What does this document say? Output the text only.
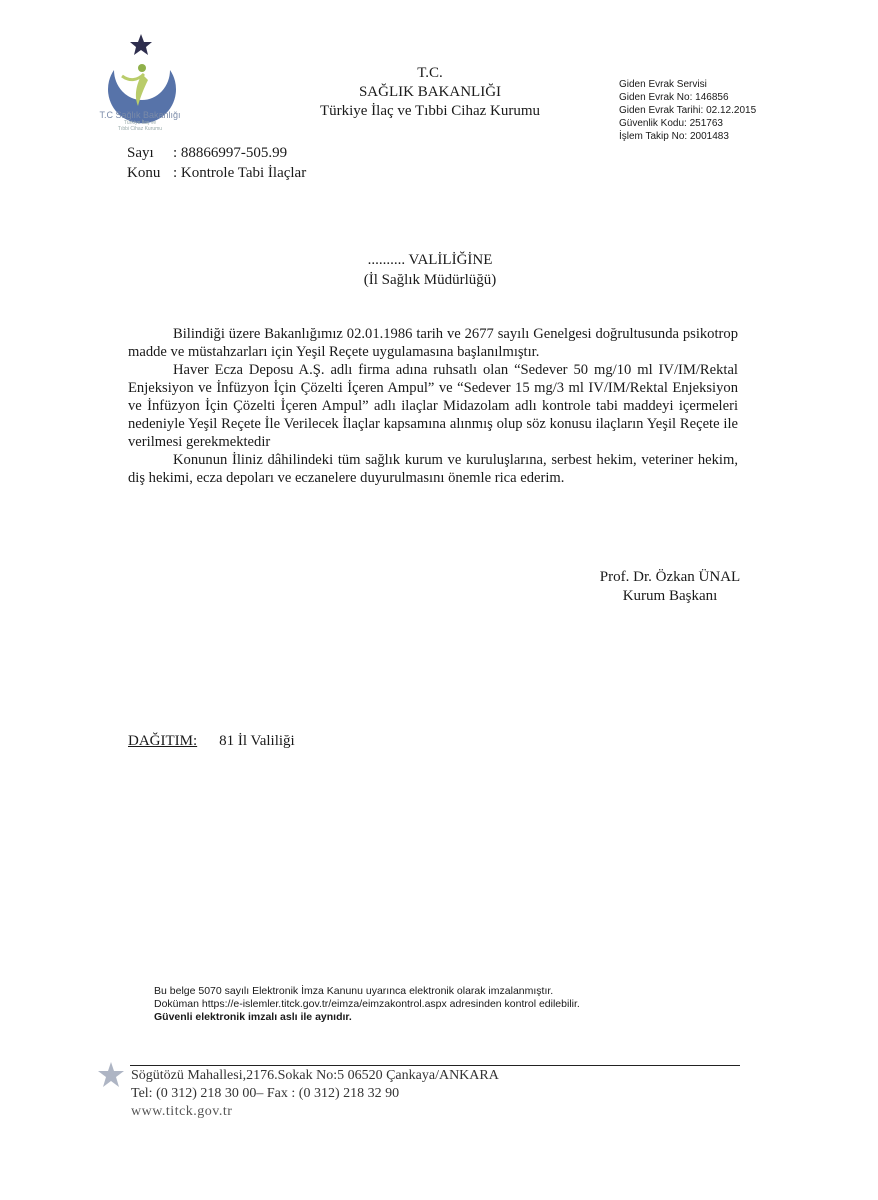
T.C Sağlık Bakanlığı
Türkiye İlaç ve
Tıbbi Cihaz Kurumu
T.C.
SAĞLIK BAKANLIĞI
Türkiye İlaç ve Tıbbi Cihaz Kurumu
Giden Evrak Servisi
Giden Evrak No: 146856
Giden Evrak Tarihi: 02.12.2015
Güvenlik Kodu: 251763
İşlem Takip No: 2001483
Sayı : 88866997-505.99
Konu : Kontrole Tabi İlaçlar
.......... VALİLİĞİNE
(İl Sağlık Müdürlüğü)

Bilindiği üzere Bakanlığımız 02.01.1986 tarih ve 2677 sayılı Genelgesi doğrultusunda psikotrop madde ve müstahzarları için Yeşil Reçete uygulamasına başlanılmıştır.

Haver Ecza Deposu A.Ş. adlı firma adına ruhsatlı olan “Sedever 50 mg/10 ml IV/IM/Rektal Enjeksiyon ve İnfüzyon İçin Çözelti İçeren Ampul” ve “Sedever 15 mg/3 ml IV/IM/Rektal Enjeksiyon ve İnfüzyon İçin Çözelti İçeren Ampul” adlı ilaçlar Midazolam adlı kontrole tabi maddeyi içermeleri nedeniyle Yeşil Reçete İle Verilecek İlaçlar kapsamına alınmış olup söz konusu ilaçların Yeşil Reçete ile verilmesi gerekmektedir

Konunun İliniz dâhilindeki tüm sağlık kurum ve kuruluşlarına, serbest hekim, veteriner hekim, diş hekimi, ecza depoları ve eczanelere duyurulmasını önemle rica ederim.

Prof. Dr. Özkan ÜNAL
Kurum Başkanı
DAĞITIM: 81 İl Valiliği
Bu belge 5070 sayılı Elektronik İmza Kanunu uyarınca elektronik olarak imzalanmıştır.
Doküman https://e-islemler.titck.gov.tr/eimza/eimzakontrol.aspx adresinden kontrol edilebilir.
Güvenli elektronik imzalı aslı ile aynıdır.
Sögütözü Mahallesi,2176.Sokak No:5 06520 Çankaya/ANKARA
Tel: (0 312) 218 30 00– Fax : (0 312) 218 32 90
www.titck.gov.tr
